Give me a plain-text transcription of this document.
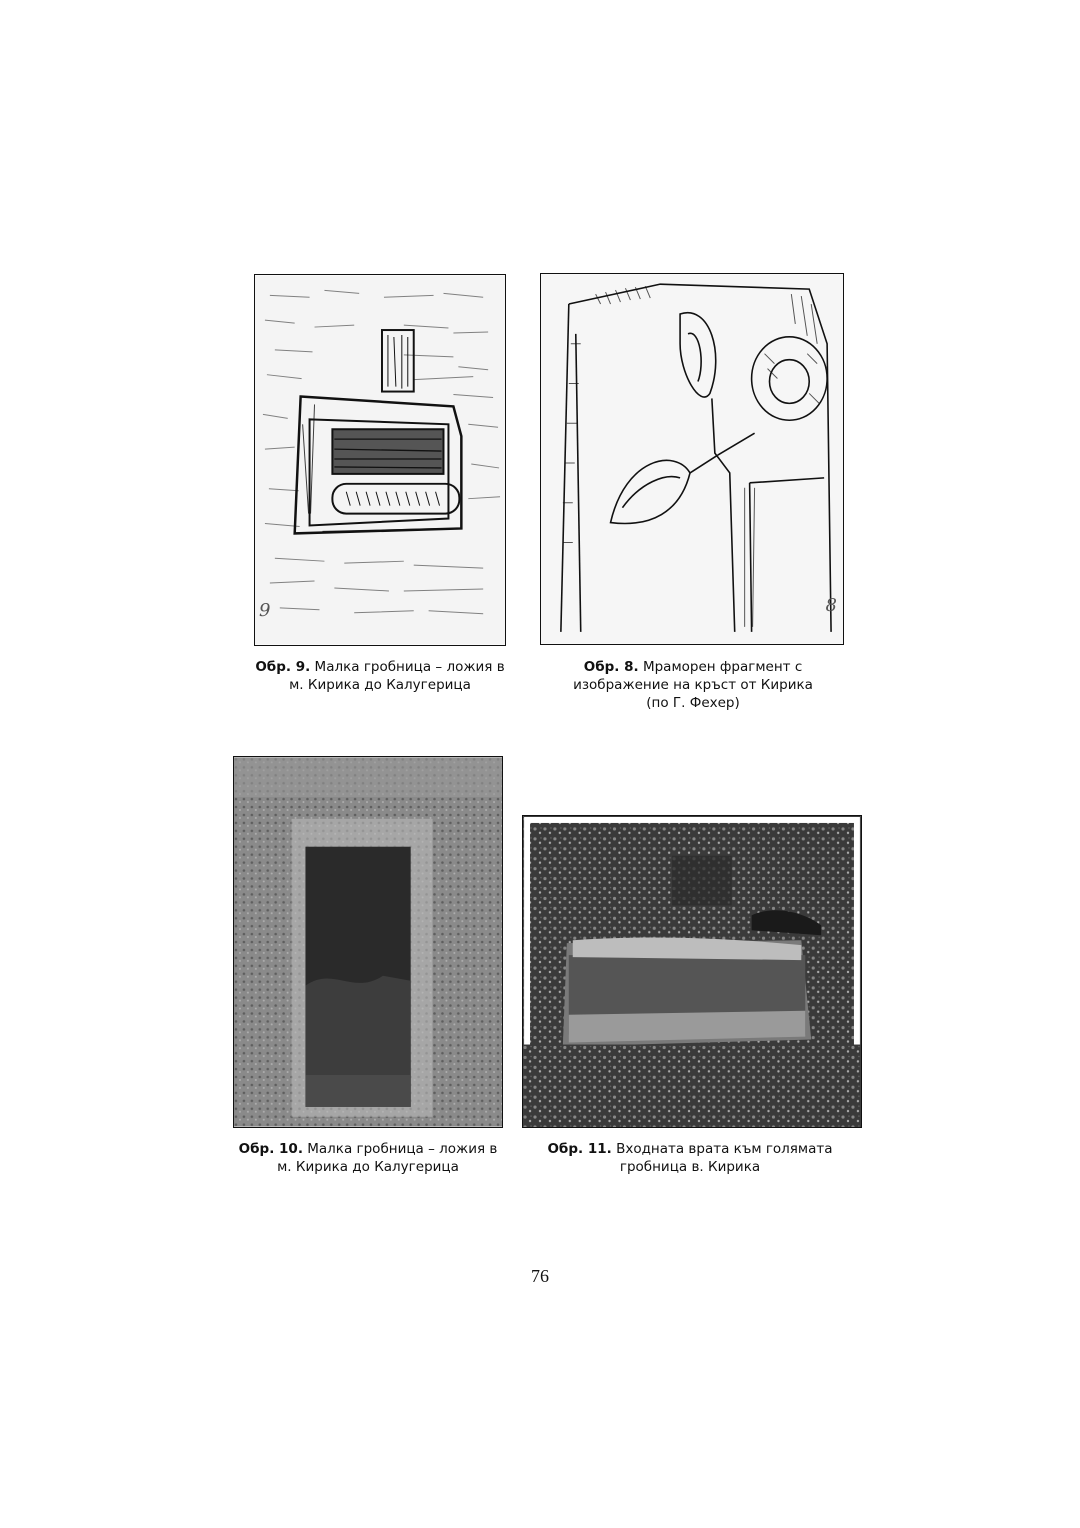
9
Обр. 9. Малка гробница – ложия в
м. Кирика до Калугерица
8
Обр. 8. Мраморен фрагмент с
изображение на кръст от Кирика
(по Г. Фехер)
Обр. 10. Малка гробница – ложия в
м. Кирика до Калугерица
Обр. 11. Входната врата към голямата
гробница в. Кирика
76
